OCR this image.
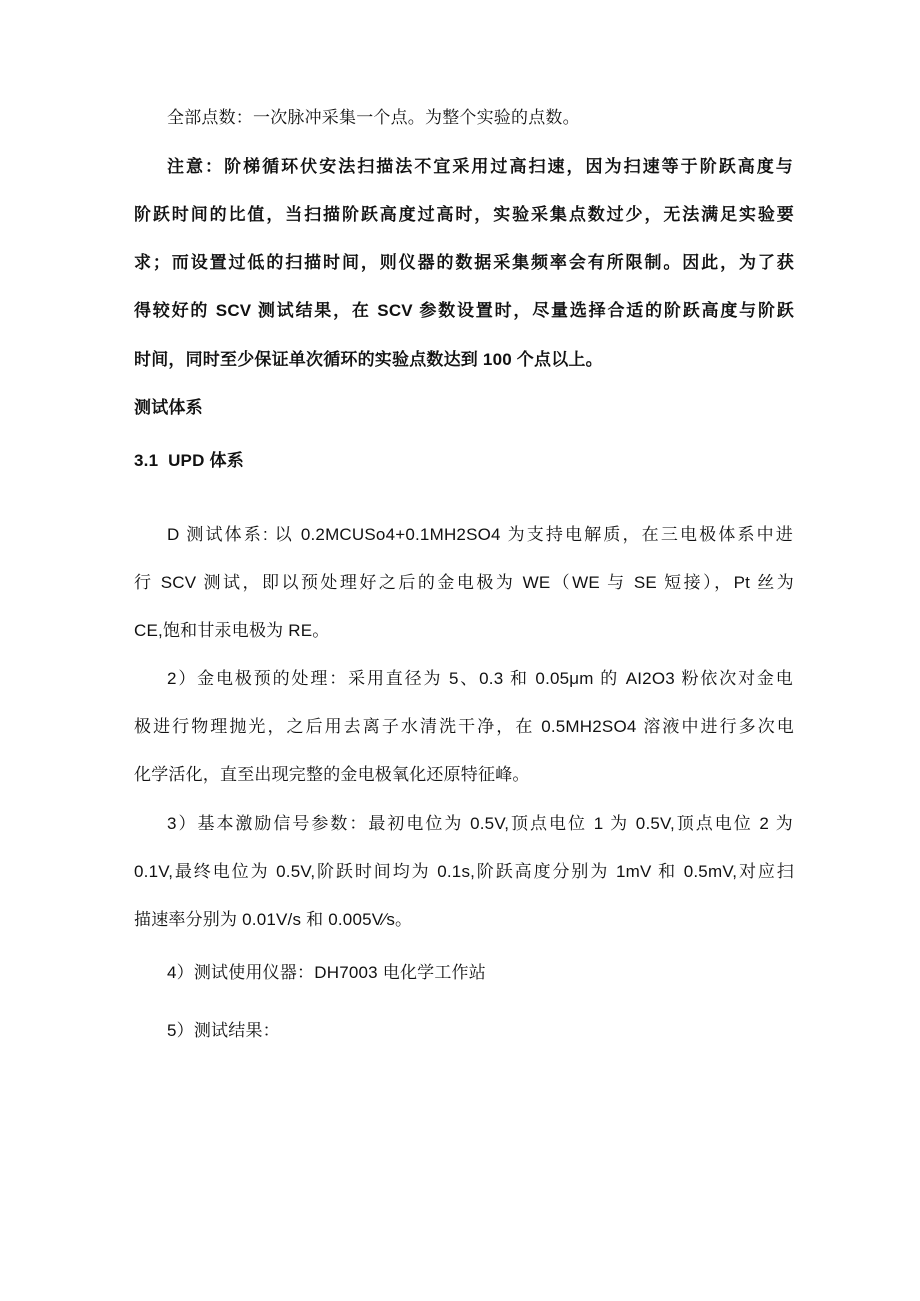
全部点数：一次脉冲采集一个点。为整个实验的点数。
注意：阶梯循环伏安法扫描法不宜采用过高扫速，因为扫速等于阶跃高度与
阶跃时间的比值，当扫描阶跃高度过高时，实验采集点数过少，无法满足实验要
求；而设置过低的扫描时间，则仪器的数据采集频率会有所限制。因此，为了获
得较好的 SCV 测试结果，在 SCV 参数设置时，尽量选择合适的阶跃高度与阶跃
时间，同时至少保证单次循环的实验点数达到 100 个点以上。
测试体系
3.1  UPD 体系
D 测试体系: 以 0.2MCUSo4+0.1MH2SO4 为支持电解质，在三电极体系中进
行 SCV 测试，即以预处理好之后的金电极为 WE（WE 与 SE 短接），Pt 丝为
CE,饱和甘汞电极为 RE。
2）金电极预的处理：采用直径为 5、0.3 和 0.05μm 的 AI2O3 粉依次对金电
极进行物理抛光，之后用去离子水清洗干净，在 0.5MH2SO4 溶液中进行多次电
化学活化，直至出现完整的金电极氧化还原特征峰。
3）基本激励信号参数：最初电位为 0.5V,顶点电位 1 为 0.5V,顶点电位 2 为
0.1V,最终电位为 0.5V,阶跃时间均为 0.1s,阶跃高度分别为 1mV 和 0.5mV,对应扫
描速率分别为 0.01V/s 和 0.005V∕s。
4）测试使用仪器：DH7003 电化学工作站
5）测试结果：
